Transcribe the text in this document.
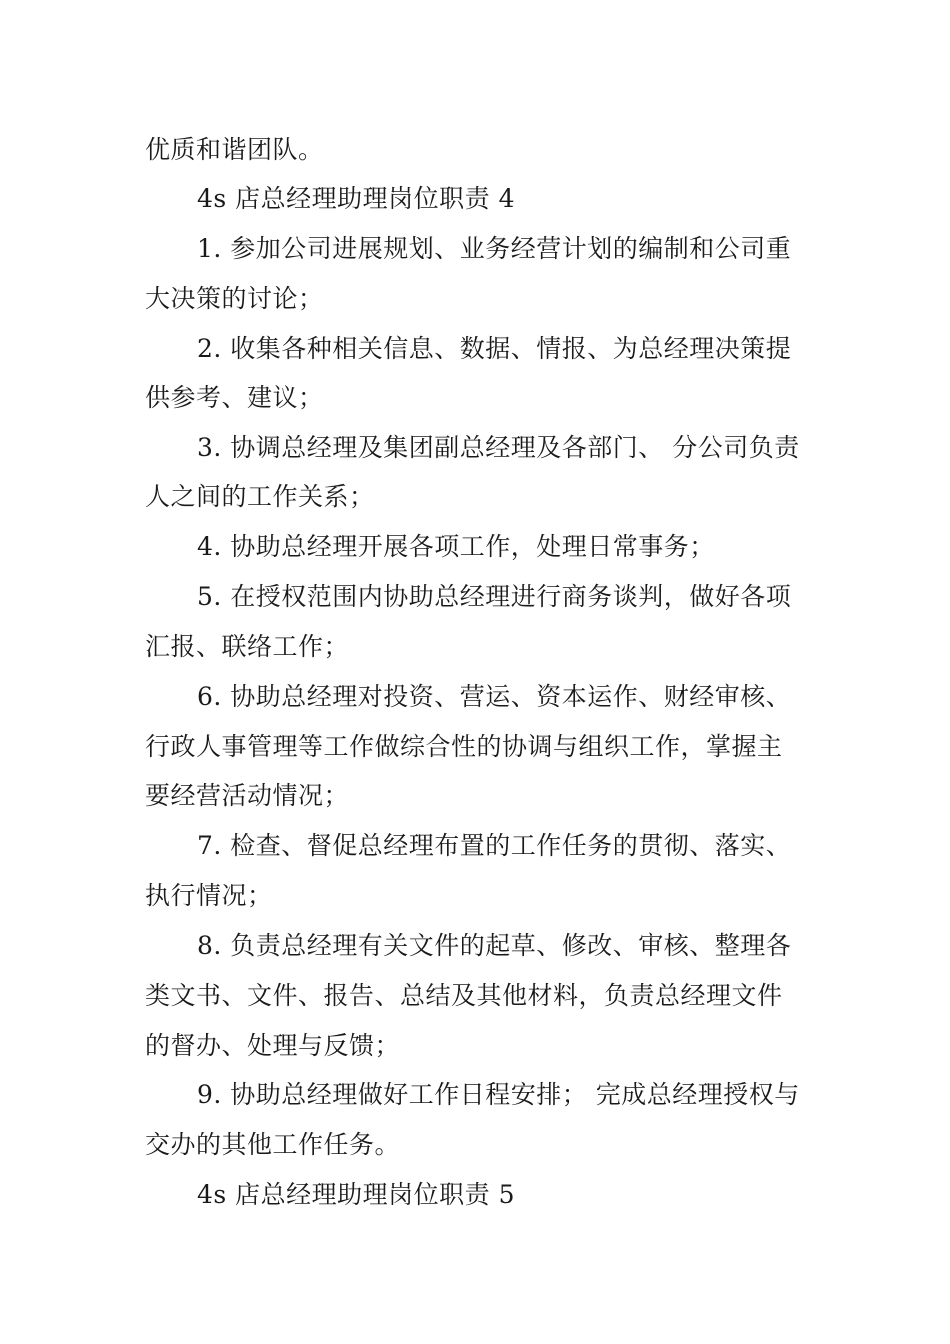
优质和谐团队。
4s 店总经理助理岗位职责 4
1. 参加公司进展规划、业务经营计划的编制和公司重
大决策的讨论；
2. 收集各种相关信息、数据、情报、为总经理决策提
供参考、建议；
3. 协调总经理及集团副总经理及各部门、 分公司负责
人之间的工作关系；
4. 协助总经理开展各项工作，处理日常事务；
5. 在授权范围内协助总经理进行商务谈判，做好各项
汇报、联络工作；
6. 协助总经理对投资、营运、资本运作、财经审核、
行政人事管理等工作做综合性的协调与组织工作，掌握主
要经营活动情况；
7. 检查、督促总经理布置的工作任务的贯彻、落实、
执行情况；
8. 负责总经理有关文件的起草、修改、审核、整理各
类文书、文件、报告、总结及其他材料，负责总经理文件
的督办、处理与反馈；
9. 协助总经理做好工作日程安排； 完成总经理授权与
交办的其他工作任务。
4s 店总经理助理岗位职责 5
